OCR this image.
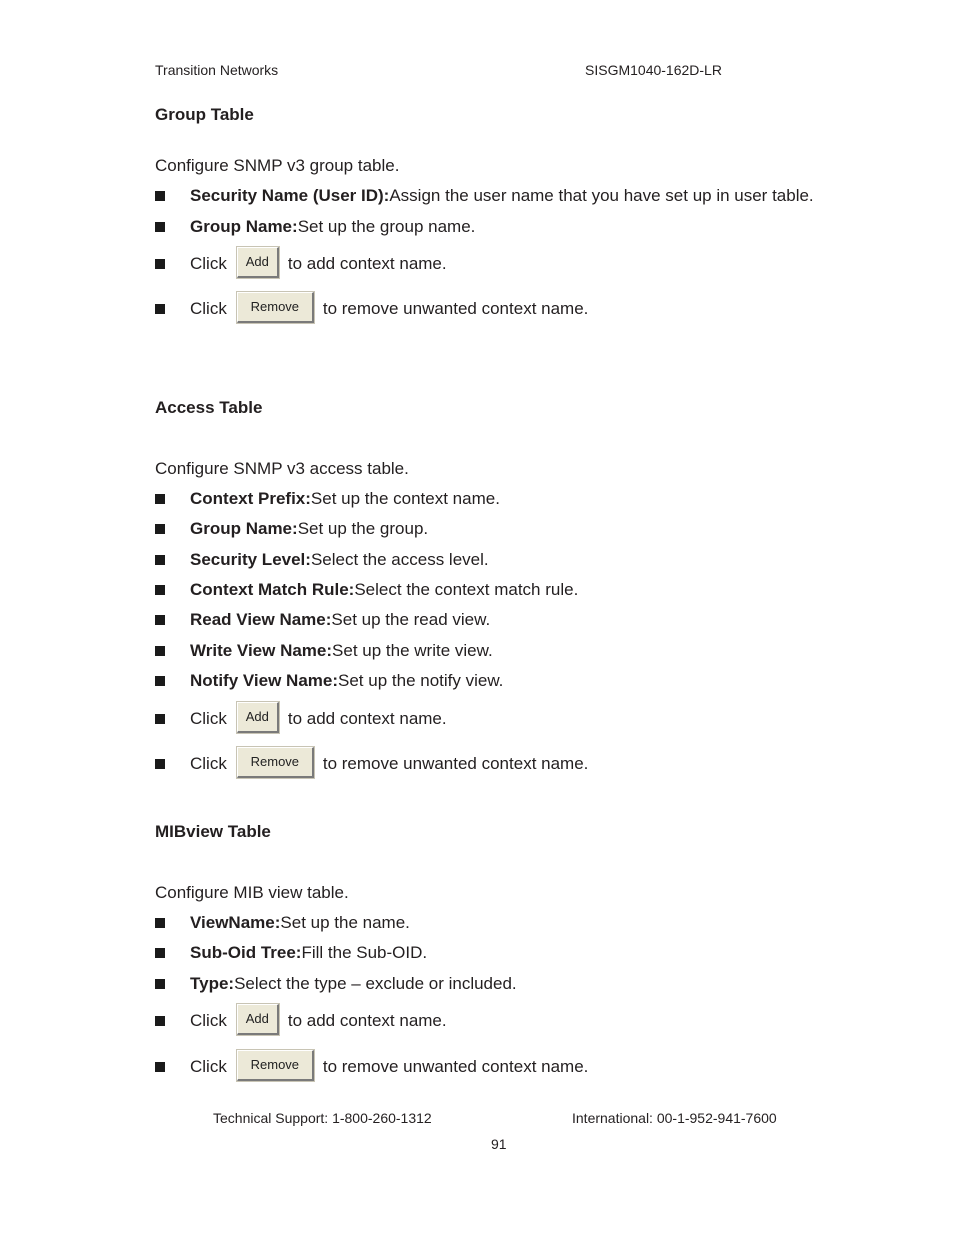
Transition Networks	SISGM1040-162D-LR
Group Table
Configure SNMP v3 group table.
Security Name (User ID): Assign the user name that you have set up in user table.
Group Name: Set up the group name.
Click	Add	to add context name.
Click	Remove	to remove unwanted context name.
Access Table
Configure SNMP v3 access table.
Context Prefix: Set up the context name.
Group Name: Set up the group.
Security Level: Select the access level.
Context Match Rule: Select the context match rule.
Read View Name: Set up the read view.
Write View Name: Set up the write view.
Notify View Name: Set up the notify view.
Click	Add	to add context name.
Click	Remove	to remove unwanted context name.
MIBview Table
Configure MIB view table.
ViewName: Set up the name.
Sub-Oid Tree: Fill the Sub-OID.
Type: Select the type – exclude or included.
Click	Add	to add context name.
Click	Remove	to remove unwanted context name.
Technical Support: 1-800-260-1312	International: 00-1-952-941-7600
91
